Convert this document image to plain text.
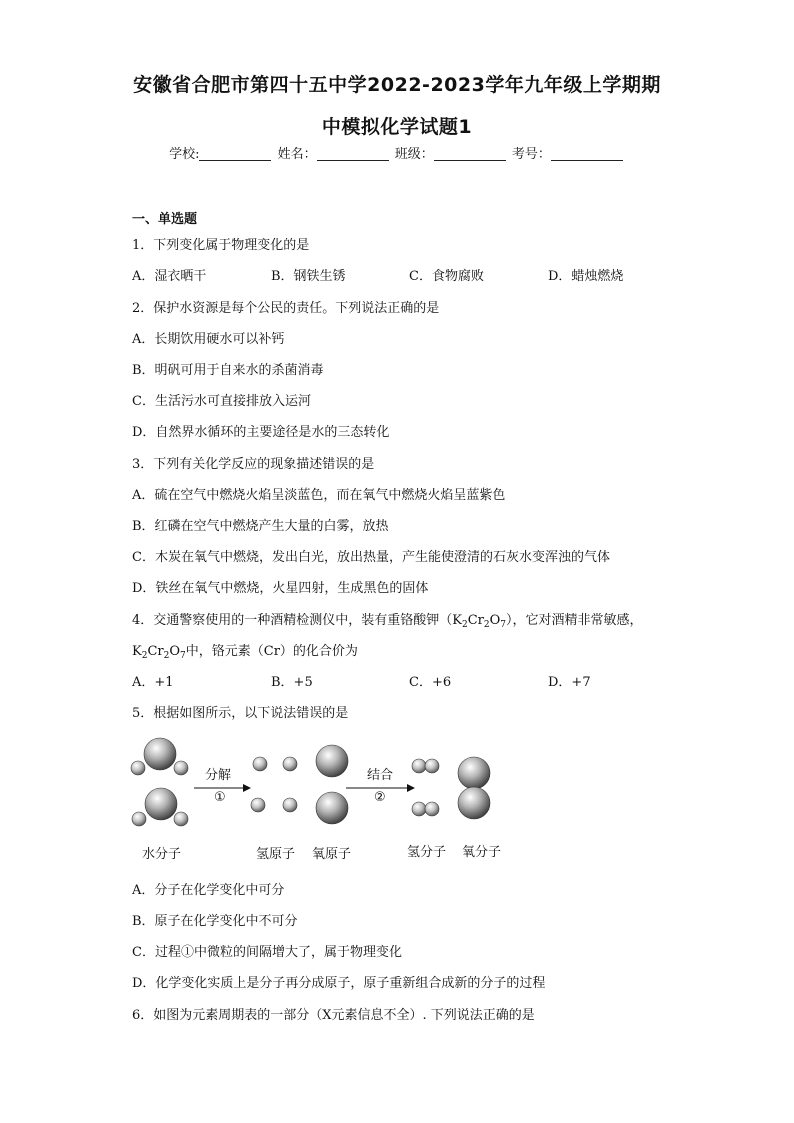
安徽省合肥市第四十五中学2022-2023学年九年级上学期期
中模拟化学试题1
学校:	姓名：	班级：	考号：
一、单选题
1．下列变化属于物理变化的是
A．湿衣晒干	B．钢铁生锈	C．食物腐败	D．蜡烛燃烧
2．保护水资源是每个公民的责任。下列说法正确的是
A．长期饮用硬水可以补钙
B．明矾可用于自来水的杀菌消毒
C．生活污水可直接排放入运河
D．自然界水循环的主要途径是水的三态转化
3．下列有关化学反应的现象描述错误的是
A．硫在空气中燃烧火焰呈淡蓝色，而在氧气中燃烧火焰呈蓝紫色
B．红磷在空气中燃烧产生大量的白雾，放热
C．木炭在氧气中燃烧，发出白光，放出热量，产生能使澄清的石灰水变浑浊的气体
D．铁丝在氧气中燃烧，火星四射，生成黑色的固体
4．交通警察使用的一种酒精检测仪中，装有重铬酸钾$(K_2Cr_2O_7)$，它对酒精非常敏感，
$K_2Cr_2O_7$中，铬元素（Cr）的化合价为
A．+1	B．+5	C．+6	D．+7
5．根据如图所示，以下说法错误的是
分解
①
结合
②
水分子	氢原子 氧原子	氢分子 氧分子
A．分子在化学变化中可分
B．原子在化学变化中不可分
C．过程①中微粒的间隔增大了，属于物理变化
D．化学变化实质上是分子再分成原子，原子重新组合成新的分子的过程
6．如图为元素周期表的一部分（X元素信息不全）. 下列说法正确的是
